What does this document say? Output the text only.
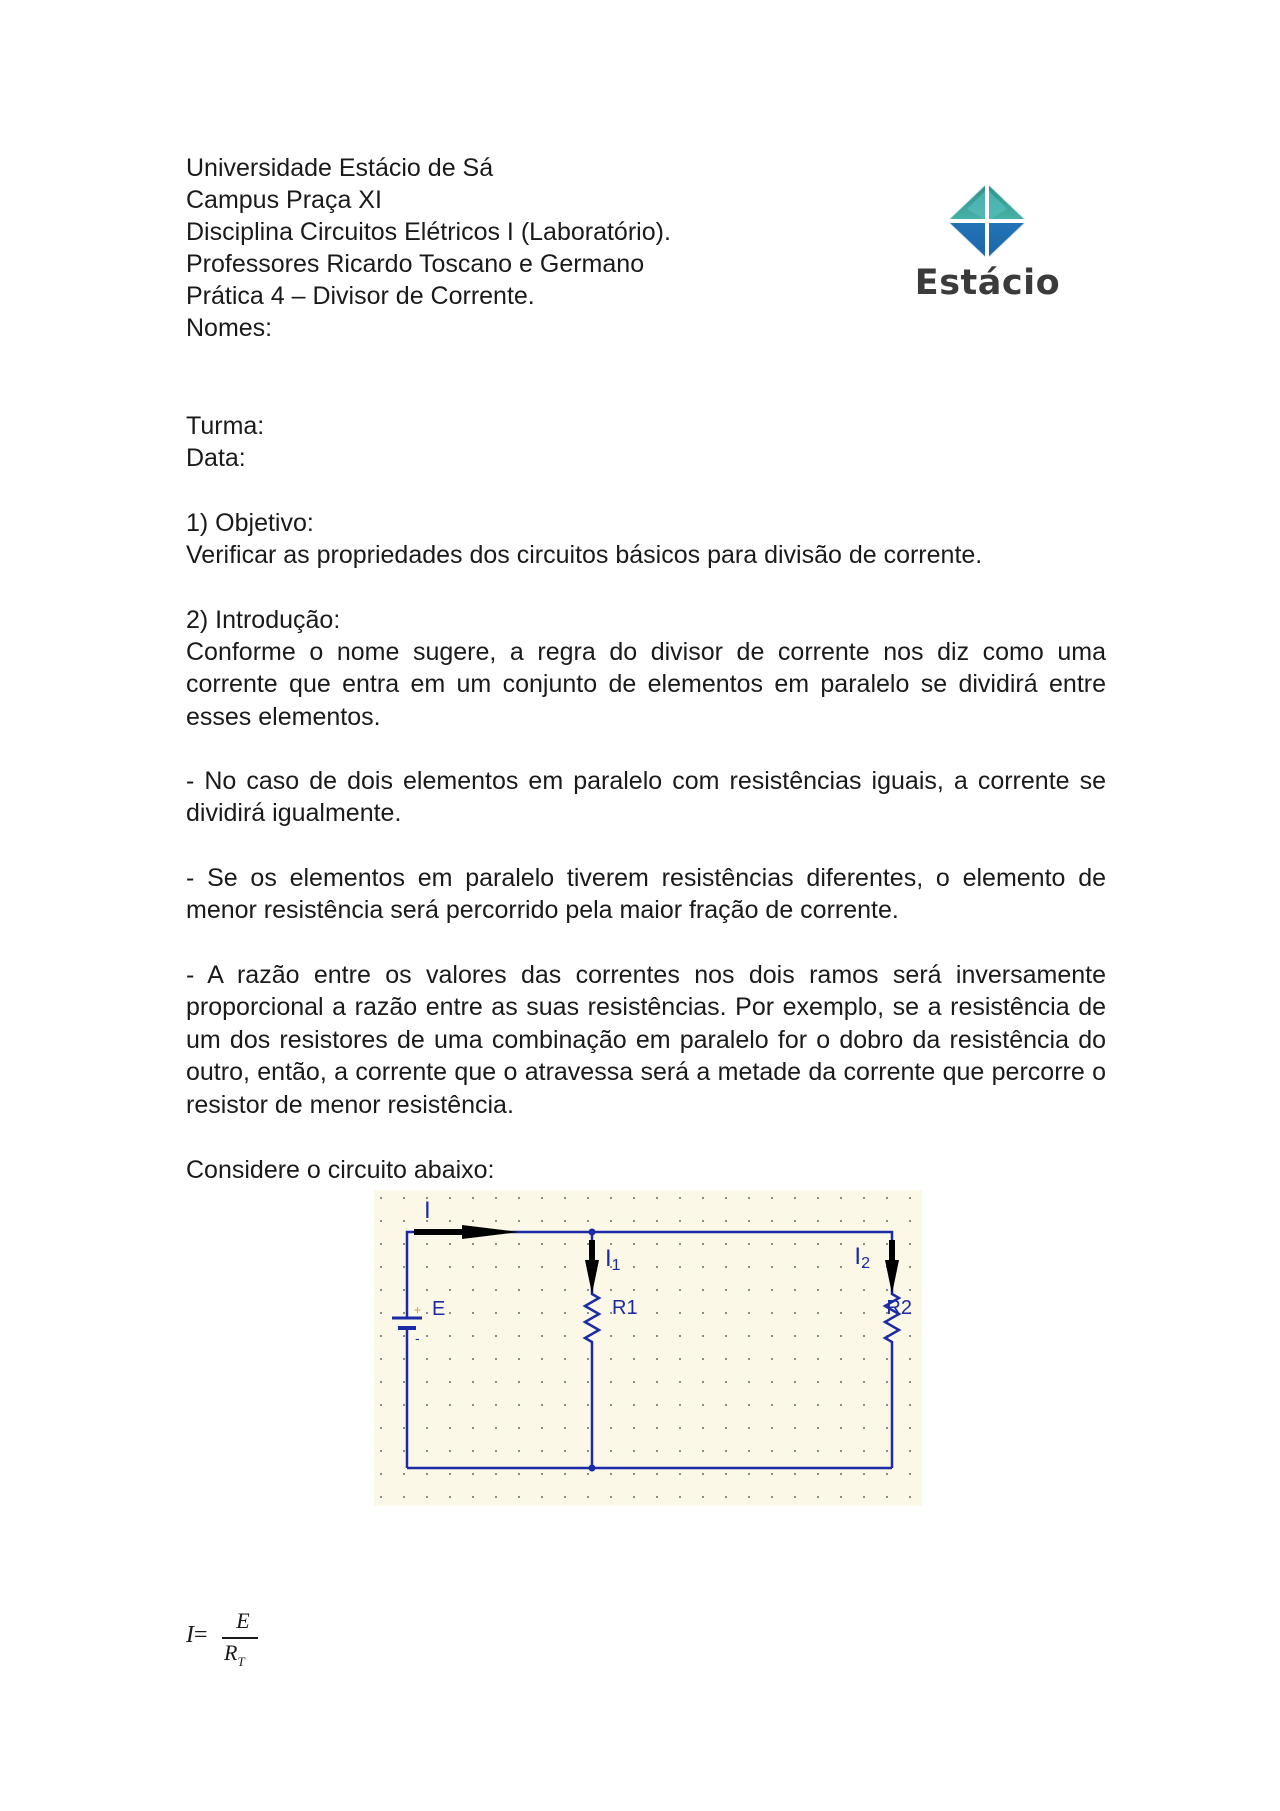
Universidade Estácio de Sá
Campus Praça XI
Disciplina Circuitos Elétricos I (Laboratório).
Professores Ricardo Toscano e Germano
Prática 4 – Divisor de Corrente.
Nomes:
Turma:
Data:
Estácio
1) Objetivo:
Verificar as propriedades dos circuitos básicos para divisão de corrente.
2) Introdução:

Conforme o nome sugere, a regra do divisor de corrente nos diz como uma corrente que entra em um conjunto de elementos em paralelo se dividirá entre esses elementos.

- No caso de dois elementos em paralelo com resistências iguais, a corrente se dividirá igualmente.

- Se os elementos em paralelo tiverem resistências diferentes, o elemento de menor resistência será percorrido pela maior fração de corrente.

- A razão entre os valores das correntes nos dois ramos será inversamente proporcional a razão entre as suas resistências. Por exemplo, se a resistência de um dos resistores de uma combinação em paralelo for o dobro da resistência do outro, então, a corrente que o atravessa será a metade da corrente que percorre o resistor de menor resistência.

Considere o circuito abaixo:
+
-
E	R1	R2
I
I1	I2
I=
E
$R_T$
